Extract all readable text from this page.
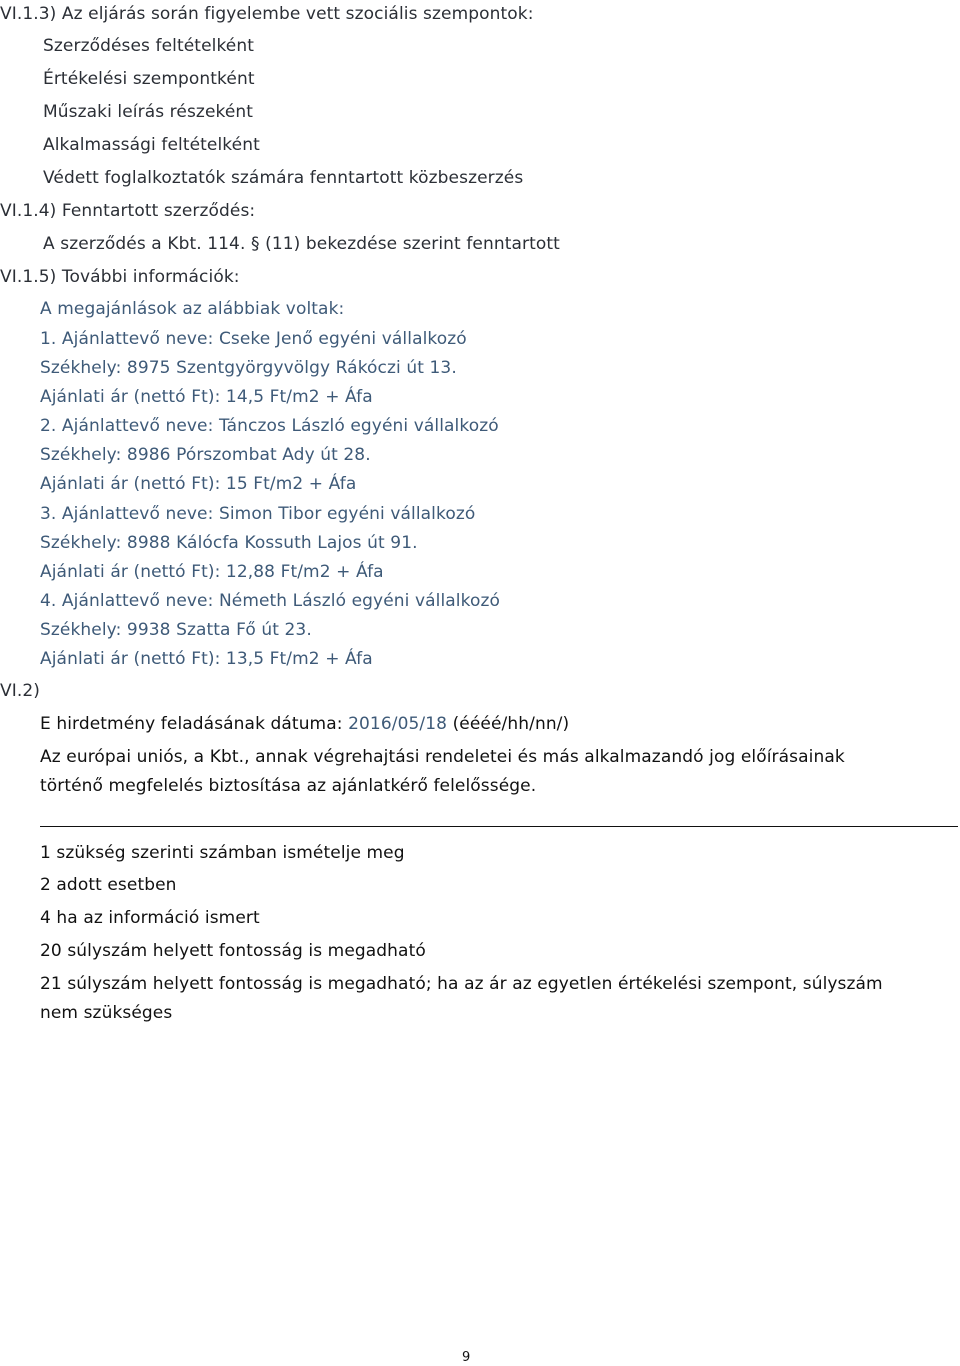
VI.1.3) Az eljárás során figyelembe vett szociális szempontok:
Szerződéses feltételként
Értékelési szempontként
Műszaki leírás részeként
Alkalmassági feltételként
Védett foglalkoztatók számára fenntartott közbeszerzés
VI.1.4) Fenntartott szerződés:
A szerződés a Kbt. 114. § (11) bekezdése szerint fenntartott
VI.1.5) További információk:
A megajánlások az alábbiak voltak:
1. Ajánlattevő neve: Cseke Jenő egyéni vállalkozó
Székhely: 8975 Szentgyörgyvölgy Rákóczi út 13.
Ajánlati ár (nettó Ft): 14,5 Ft/m2 + Áfa
2. Ajánlattevő neve: Tánczos László egyéni vállalkozó
Székhely: 8986 Pórszombat Ady út 28.
Ajánlati ár (nettó Ft): 15 Ft/m2 + Áfa
3. Ajánlattevő neve: Simon Tibor egyéni vállalkozó
Székhely: 8988 Kálócfa Kossuth Lajos út 91.
Ajánlati ár (nettó Ft): 12,88 Ft/m2 + Áfa
4. Ajánlattevő neve: Németh László egyéni vállalkozó
Székhely: 9938 Szatta Fő út 23.
Ajánlati ár (nettó Ft): 13,5 Ft/m2 + Áfa
VI.2)
E hirdetmény feladásának dátuma: 2016/05/18 (éééé/hh/nn/)
Az európai uniós, a Kbt., annak végrehajtási rendeletei és más alkalmazandó jog előírásainak
történő megfelelés biztosítása az ajánlatkérő felelőssége.
1 szükség szerinti számban ismételje meg
2 adott esetben
4 ha az információ ismert
20 súlyszám helyett fontosság is megadható
21 súlyszám helyett fontosság is megadható; ha az ár az egyetlen értékelési szempont, súlyszám
nem szükséges
9
